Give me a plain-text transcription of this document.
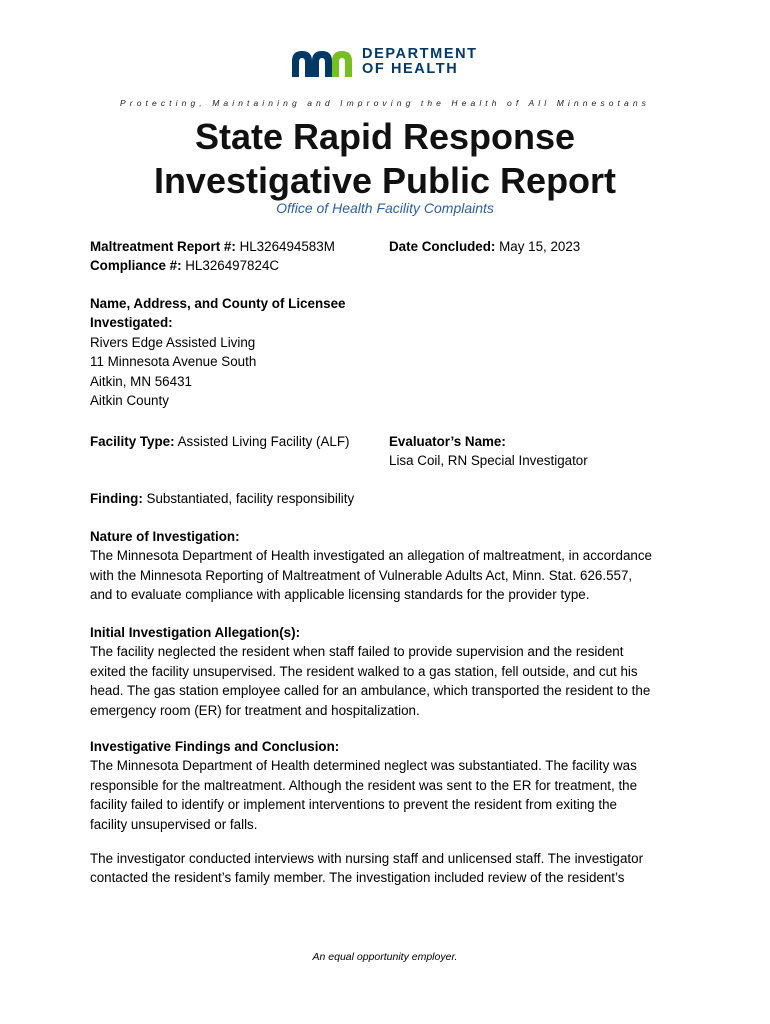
DEPARTMENT
OF HEALTH
Protecting, Maintaining and Improving the Health of All Minnesotans
State Rapid Response
Investigative Public Report
Office of Health Facility Complaints
Maltreatment Report #: HL326494583M
Compliance #: HL326497824C
Date Concluded: May 15, 2023
Name, Address, and County of Licensee
Investigated:
Rivers Edge Assisted Living
11 Minnesota Avenue South
Aitkin, MN 56431
Aitkin County
Facility Type: Assisted Living Facility (ALF)	Evaluator’s Name:
Lisa Coil, RN Special Investigator
Finding: Substantiated, facility responsibility
Nature of Investigation:
The Minnesota Department of Health investigated an allegation of maltreatment, in accordance
with the Minnesota Reporting of Maltreatment of Vulnerable Adults Act, Minn. Stat. 626.557,
and to evaluate compliance with applicable licensing standards for the provider type.
Initial Investigation Allegation(s):
The facility neglected the resident when staff failed to provide supervision and the resident
exited the facility unsupervised. The resident walked to a gas station, fell outside, and cut his
head. The gas station employee called for an ambulance, which transported the resident to the
emergency room (ER) for treatment and hospitalization.
Investigative Findings and Conclusion:
The Minnesota Department of Health determined neglect was substantiated. The facility was
responsible for the maltreatment. Although the resident was sent to the ER for treatment, the
facility failed to identify or implement interventions to prevent the resident from exiting the
facility unsupervised or falls.
The investigator conducted interviews with nursing staff and unlicensed staff. The investigator
contacted the resident’s family member. The investigation included review of the resident’s
An equal opportunity employer.
